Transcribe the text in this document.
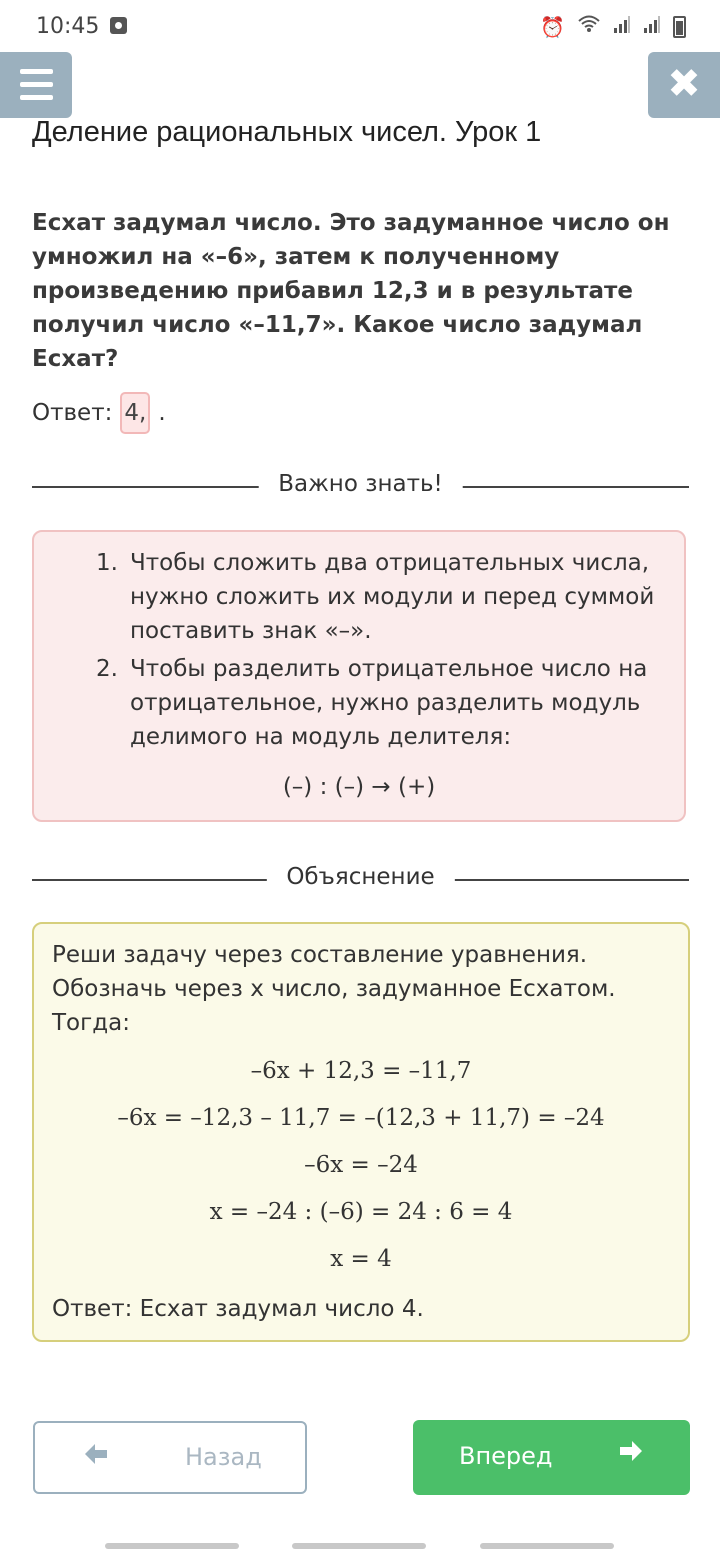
10:45	⏰
✖
Деление рациональных чисел. Урок 1
Есхат задумал число. Это задуманное число он умножил на «–6», затем к полученному произведению прибавил 12,3 и в результате получил число «–11,7». Какое число задумал Есхат?
Ответ: 4, .
Важно знать!
1. Чтобы сложить два отрицательных числа, нужно сложить их модули и перед суммой поставить знак «–».
2. Чтобы разделить отрицательное число на отрицательное, нужно разделить модуль делимого на модуль делителя:
(–) : (–) → (+)
Объяснение
Реши задачу через составление уравнения. Обозначь через x число, задуманное Есхатом. Тогда:
–6x + 12,3 = –11,7
–6x = –12,3 – 11,7 = –(12,3 + 11,7) = –24
–6x = –24
x = –24 : (–6) = 24 : 6 = 4
x = 4
Ответ: Есхат задумал число 4.
Назад	Вперед
